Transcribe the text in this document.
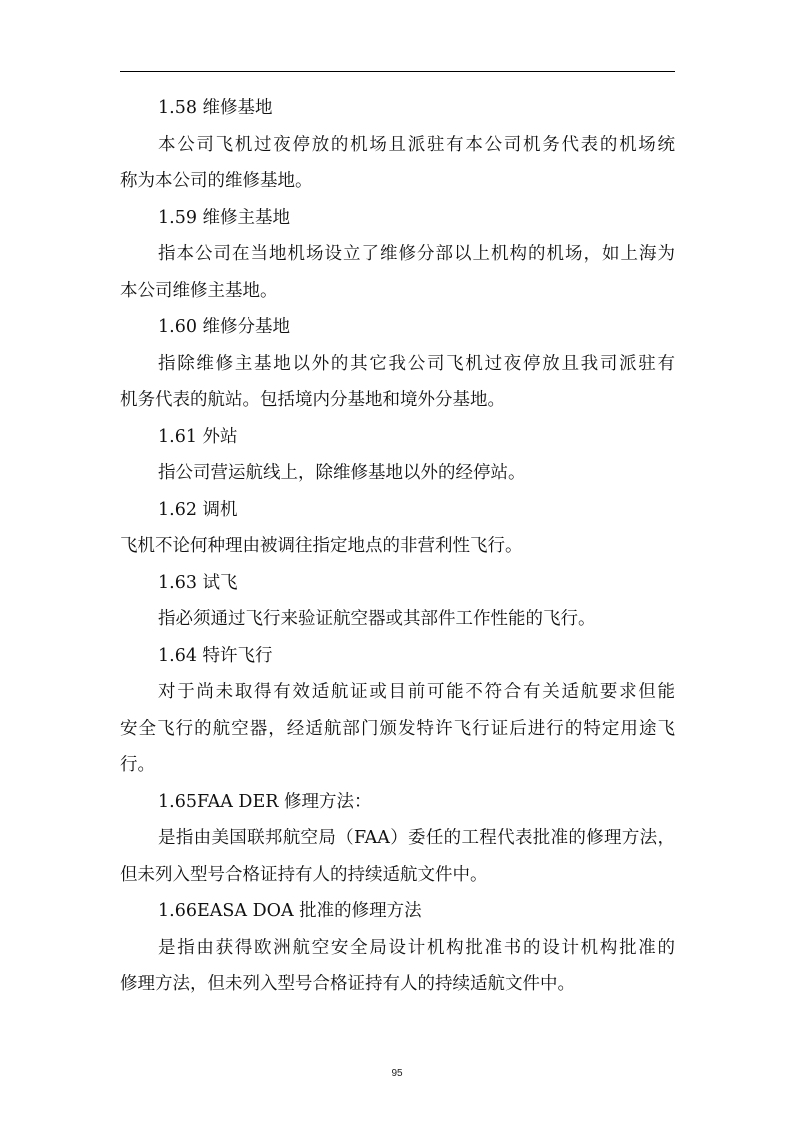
1.58 维修基地
本公司飞机过夜停放的机场且派驻有本公司机务代表的机场统
称为本公司的维修基地。
1.59 维修主基地
指本公司在当地机场设立了维修分部以上机构的机场，如上海为
本公司维修主基地。
1.60 维修分基地
指除维修主基地以外的其它我公司飞机过夜停放且我司派驻有
机务代表的航站。包括境内分基地和境外分基地。
1.61 外站
指公司营运航线上，除维修基地以外的经停站。
1.62 调机
飞机不论何种理由被调往指定地点的非营利性飞行。
1.63 试飞
指必须通过飞行来验证航空器或其部件工作性能的飞行。
1.64 特许飞行
对于尚未取得有效适航证或目前可能不符合有关适航要求但能
安全飞行的航空器，经适航部门颁发特许飞行证后进行的特定用途飞
行。
1.65FAA DER 修理方法：
是指由美国联邦航空局（FAA）委任的工程代表批准的修理方法，
但未列入型号合格证持有人的持续适航文件中。
1.66EASA DOA 批准的修理方法
是指由获得欧洲航空安全局设计机构批准书的设计机构批准的
修理方法，但未列入型号合格证持有人的持续适航文件中。
95
